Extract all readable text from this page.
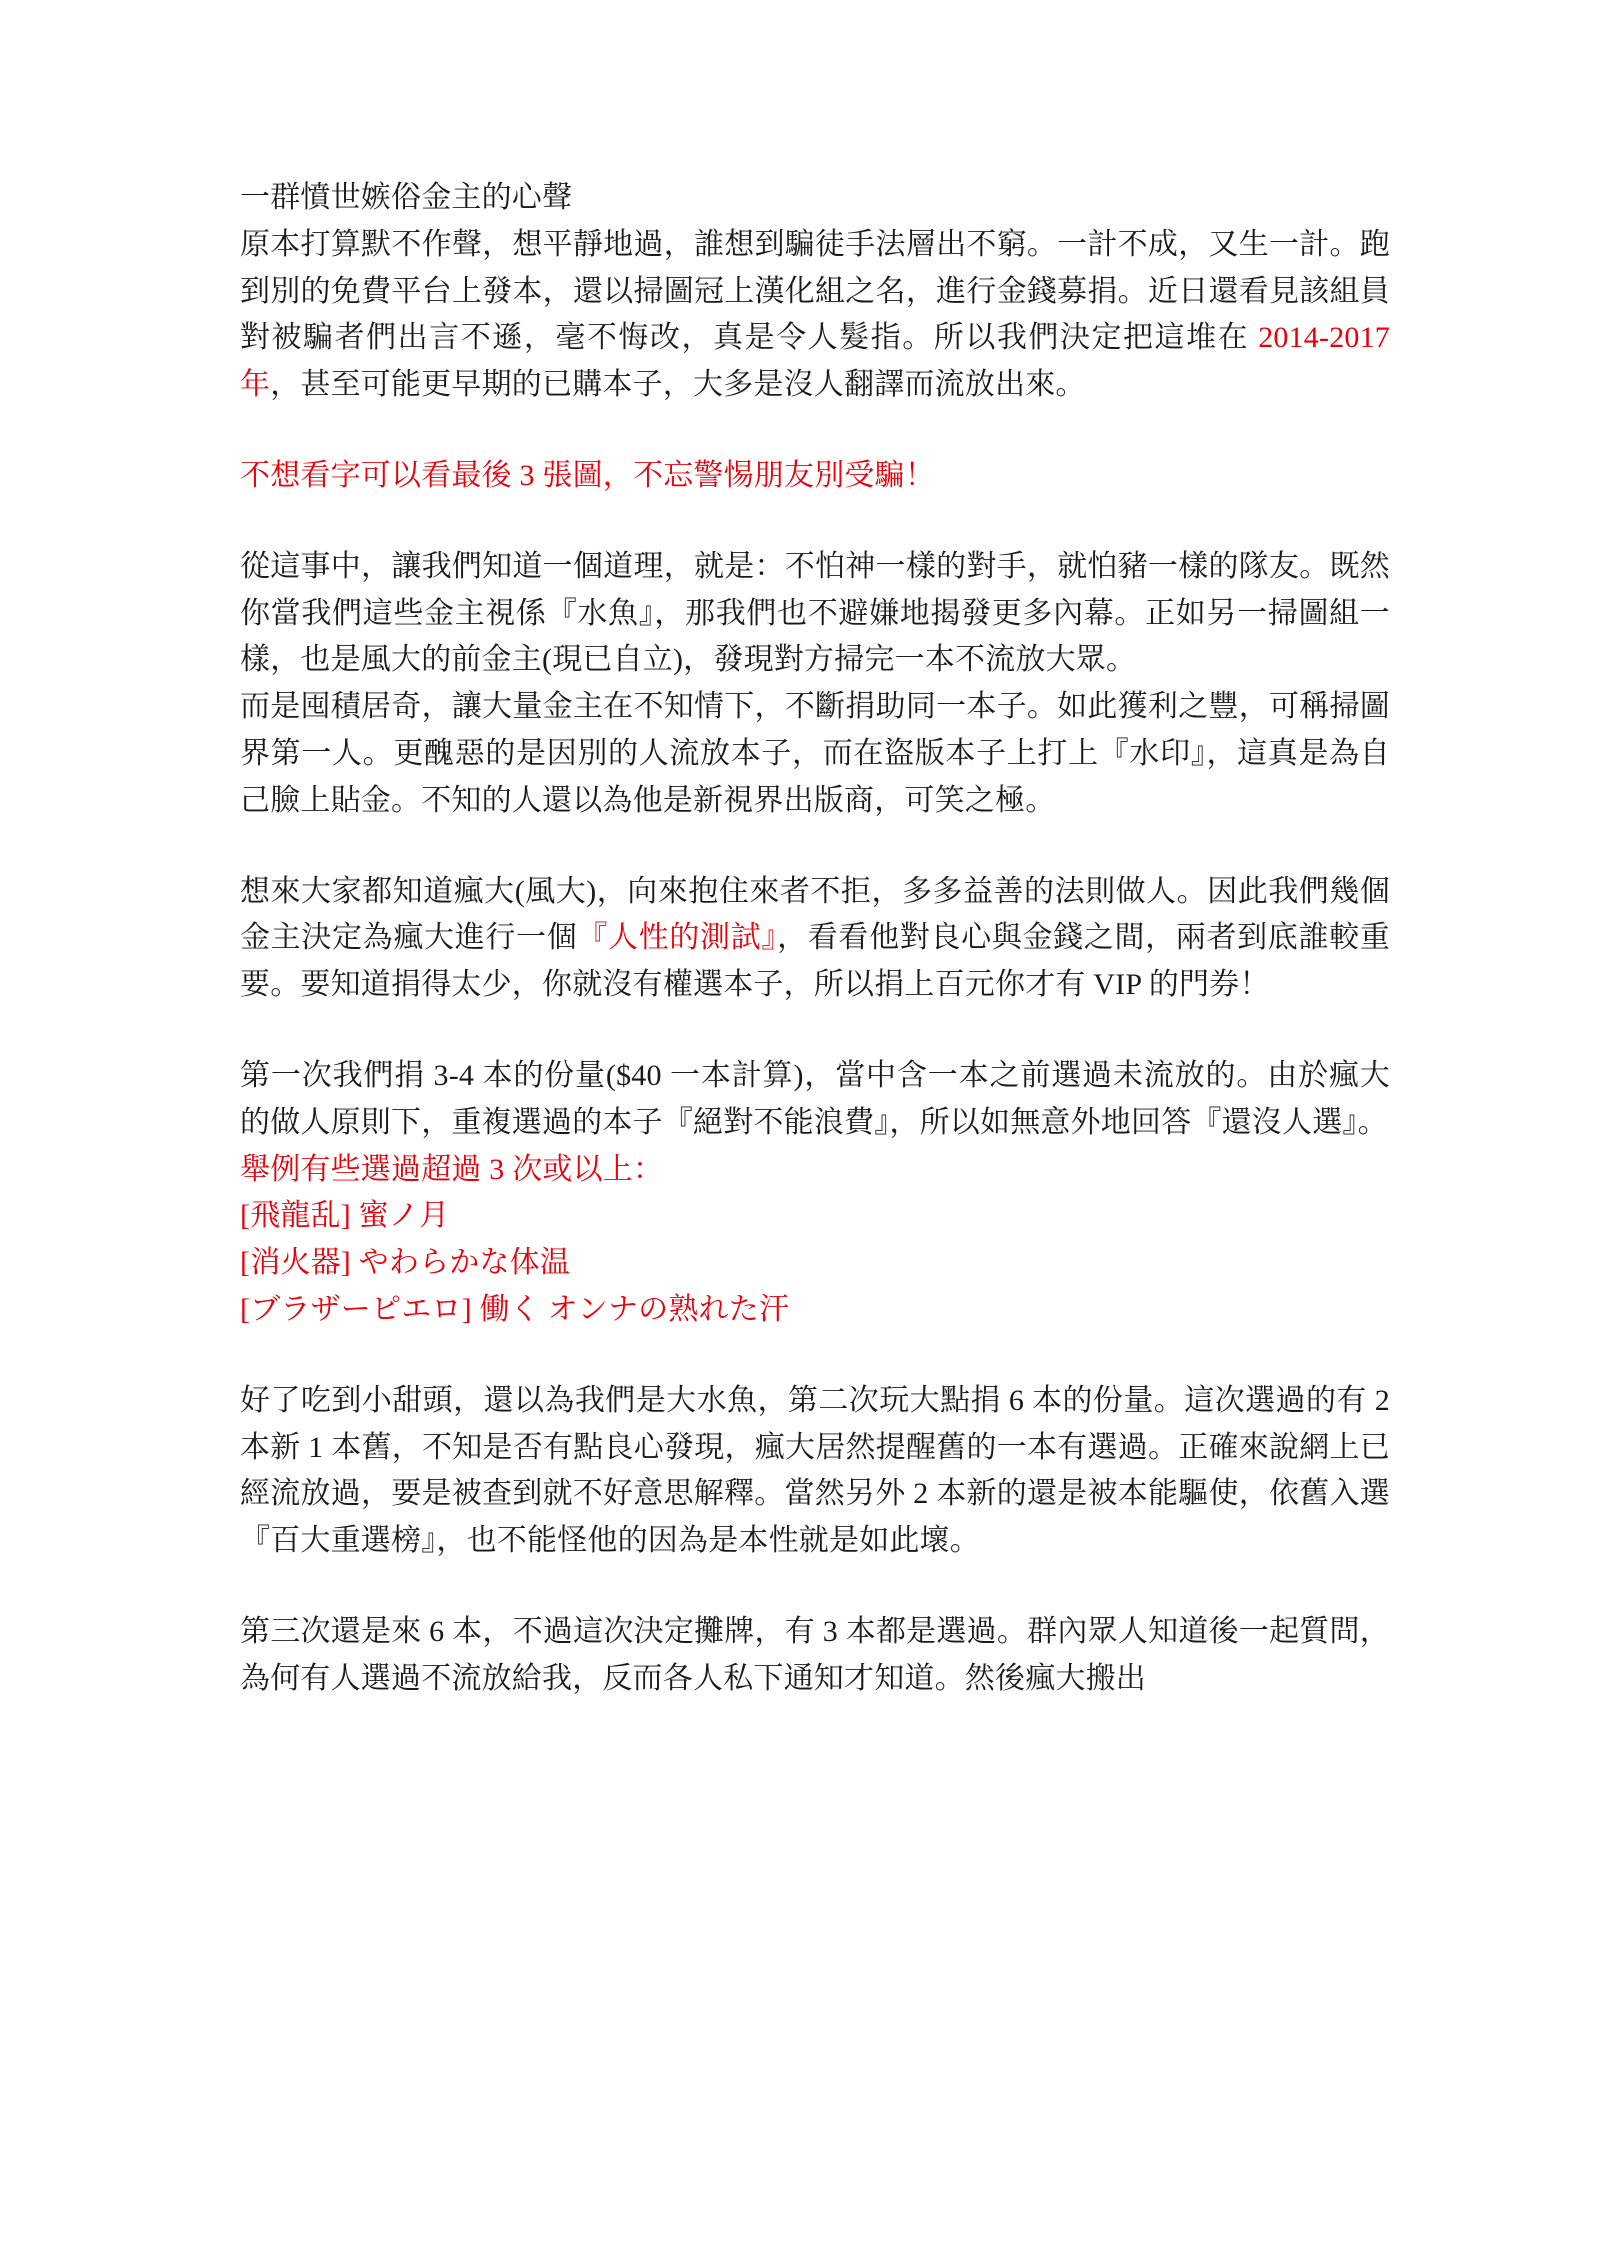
一群憤世嫉俗金主的心聲

原本打算默不作聲，想平靜地過，誰想到騙徒手法層出不窮。一計不成，又生一計。跑到別的免費平台上發本，還以掃圖冠上漢化組之名，進行金錢募捐。近日還看見該組員對被騙者們出言不遜，毫不悔改，真是令人髮指。所以我們決定把這堆在 2014-2017 年，甚至可能更早期的已購本子，大多是沒人翻譯而流放出來。

不想看字可以看最後 3 張圖，不忘警惕朋友別受騙！

從這事中，讓我們知道一個道理，就是：不怕神一樣的對手，就怕豬一樣的隊友。既然你當我們這些金主視係『水魚』，那我們也不避嫌地揭發更多內幕。正如另一掃圖組一樣，也是風大的前金主(現已自立)，發現對方掃完一本不流放大眾。

而是囤積居奇，讓大量金主在不知情下，不斷捐助同一本子。如此獲利之豐，可稱掃圖界第一人。更醜惡的是因別的人流放本子，而在盜版本子上打上『水印』，這真是為自己臉上貼金。不知的人還以為他是新視界出版商，可笑之極。

想來大家都知道瘋大(風大)，向來抱住來者不拒，多多益善的法則做人。因此我們幾個金主決定為瘋大進行一個『人性的測試』，看看他對良心與金錢之間，兩者到底誰較重要。要知道捐得太少，你就沒有權選本子，所以捐上百元你才有 VIP 的門券！

第一次我們捐 3-4 本的份量($40 一本計算)，當中含一本之前選過未流放的。由於瘋大的做人原則下，重複選過的本子『絕對不能浪費』，所以如無意外地回答『還沒人選』。

舉例有些選過超過 3 次或以上：

[飛龍乱] 蜜ノ月

[消火器] やわらかな体温

[ブラザーピエロ] 働く オンナの熟れた汗

好了吃到小甜頭，還以為我們是大水魚，第二次玩大點捐 6 本的份量。這次選過的有 2 本新 1 本舊，不知是否有點良心發現，瘋大居然提醒舊的一本有選過。正確來說網上已經流放過，要是被查到就不好意思解釋。當然另外 2 本新的還是被本能驅使，依舊入選『百大重選榜』，也不能怪他的因為是本性就是如此壞。

第三次還是來 6 本，不過這次決定攤牌，有 3 本都是選過。群內眾人知道後一起質問，為何有人選過不流放給我，反而各人私下通知才知道。然後瘋大搬出
